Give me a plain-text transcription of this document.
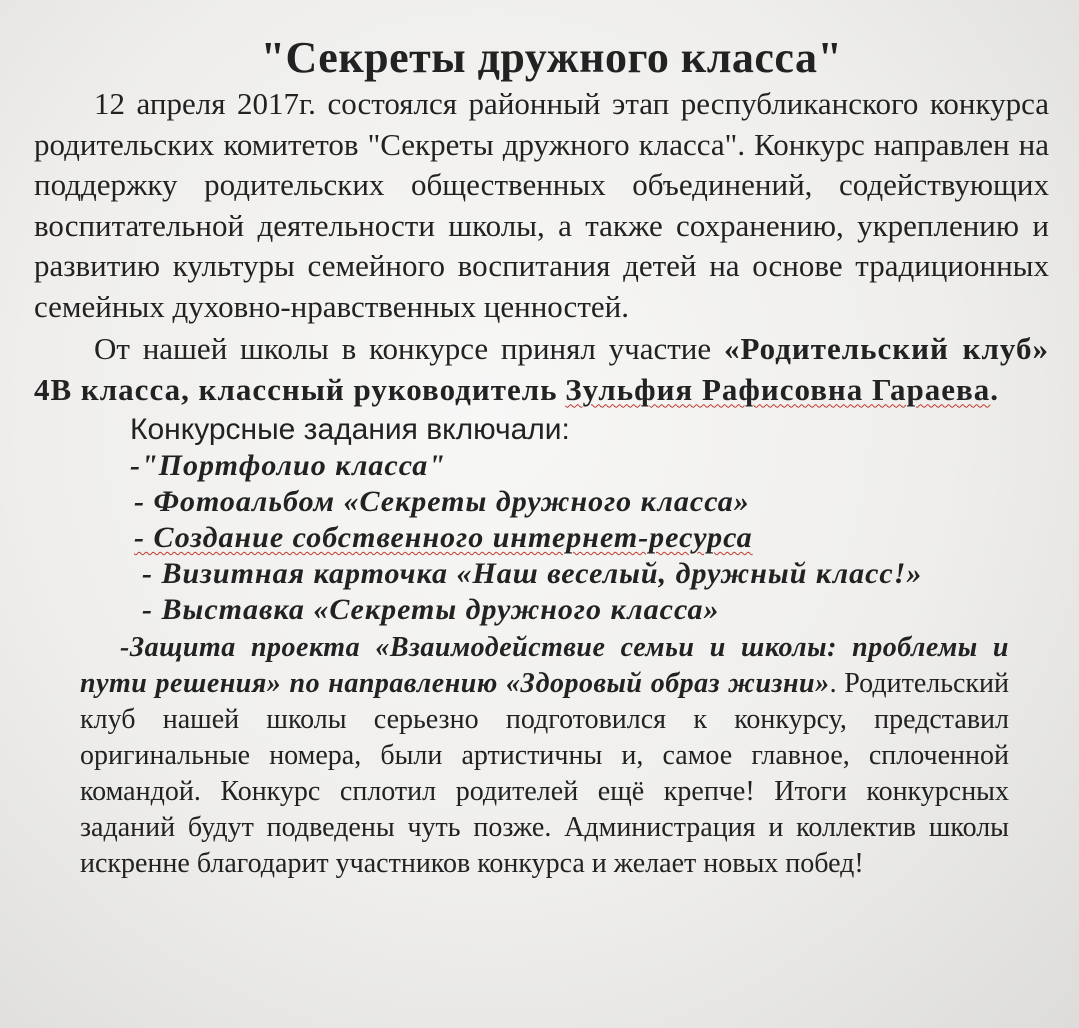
"Секреты дружного класса"

12 апреля 2017г. состоялся районный этап республиканского конкурса родительских комитетов "Секреты дружного класса". Конкурс направлен на поддержку родительских общественных объединений, содействующих воспитательной деятельности школы, а также сохранению, укреплению и развитию культуры семейного воспитания детей на основе традиционных семейных духовно-нравственных ценностей.

От нашей школы в конкурсе принял участие «Родительский клуб» 4В класса, классный руководитель Зульфия Рафисовна Гараева.

Конкурсные задания включали:

-"Портфолио класса"

- Фотоальбом «Секреты дружного класса»

- Создание собственного интернет-ресурса

- Визитная карточка «Наш веселый, дружный класс!»

- Выставка «Секреты дружного класса»

-Защита проекта «Взаимодействие семьи и школы: проблемы и пути решения» по направлению «Здоровый образ жизни». Родительский клуб нашей школы серьезно подготовился к конкурсу, представил оригинальные номера, были артистичны и, самое главное, сплоченной командой. Конкурс сплотил родителей ещё крепче! Итоги конкурсных заданий будут подведены чуть позже. Администрация и коллектив школы искренне благодарит участников конкурса и желает новых побед!
